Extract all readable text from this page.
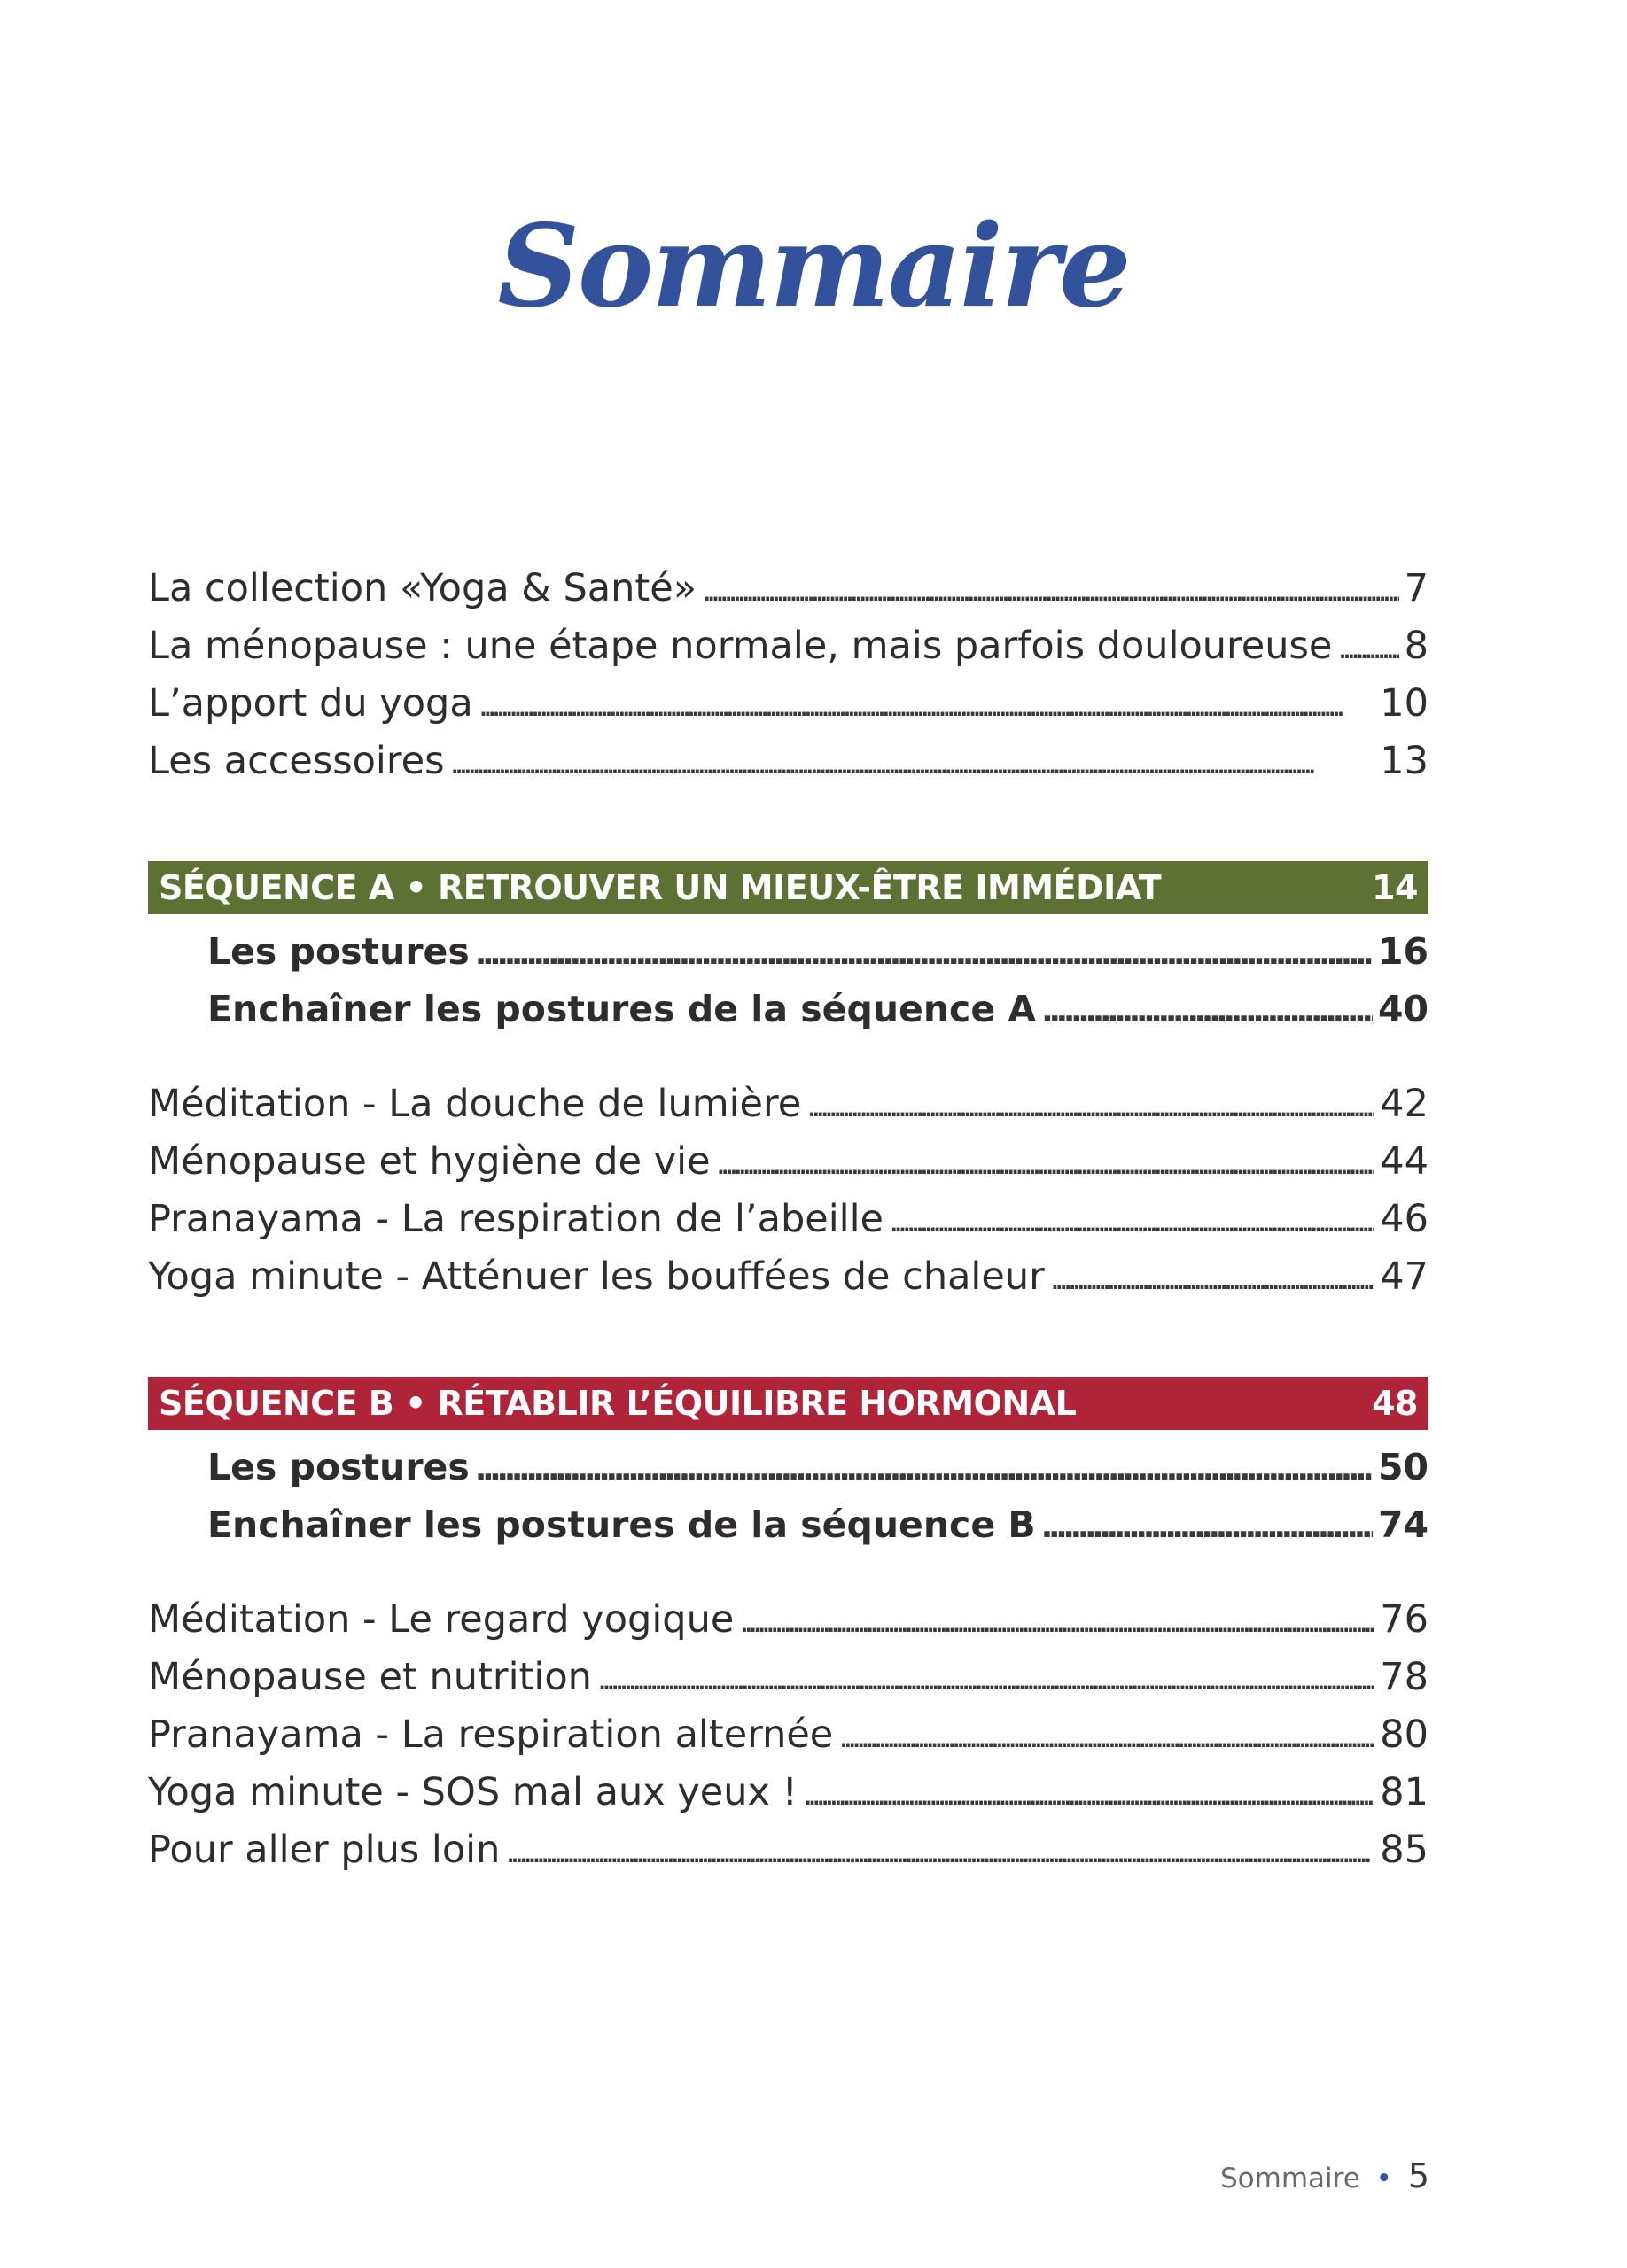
Sommaire
La collection «Yoga & Santé» . . .	7
La ménopause : une étape normale, mais parfois douloureuse . . . 8
L’apport du yoga . . .	10
Les accessoires . . .	13
SÉQUENCE A • RETROUVER UN MIEUX-ÊTRE IMMÉDIAT	14
Les postures . . .	16
Enchaîner les postures de la séquence A . . .	40
Méditation - La douche de lumière . . .	42
Ménopause et hygiène de vie . . .	44
Pranayama - La respiration de l’abeille . . .	46
Yoga minute - Atténuer les bouffées de chaleur . . .	47
SÉQUENCE B • RÉTABLIR L’ÉQUILIBRE HORMONAL	48
Les postures . . .	50
Enchaîner les postures de la séquence B . . .	74
Méditation - Le regard yogique . . .	76
Ménopause et nutrition . . .	78
Pranayama - La respiration alternée . . .	80
Yoga minute - SOS mal aux yeux ! . . .	81
Pour aller plus loin . . .	85
Sommaire • 5
